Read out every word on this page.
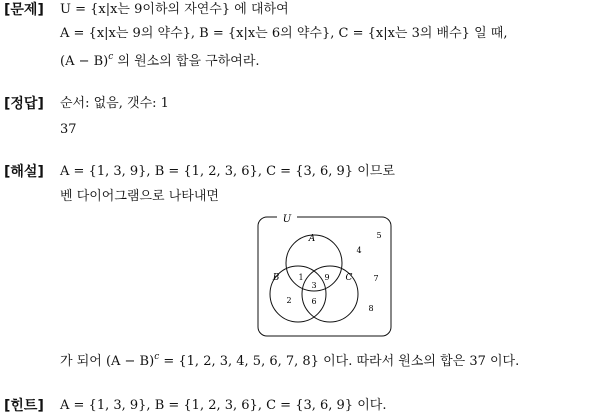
[문제] U = {x|x는 9이하의 자연수} 에 대하여
A = {x|x는 9의 약수}, B = {x|x는 6의 약수}, C = {x|x는 3의 배수} 일 때,
$(A - B)^c$ 의 원소의 합을 구하여라.
[정답] 순서: 없음, 갯수: 1
37
[해설] A = {1, 3, 9}, B = {1, 2, 3, 6}, C = {3, 6, 9} 이므로
벤 다이어그램으로 나타내면
U
A
B	C
1	9
3
2 6
4
5
7
8
가 되어 $(A - B)^c = \{1$, 2, 3, 4, 5, 6, 7, 8} 이다. 따라서 원소의 합은 37 이다.
[힌트] A = {1, 3, 9}, B = {1, 2, 3, 6}, C = {3, 6, 9} 이다.
